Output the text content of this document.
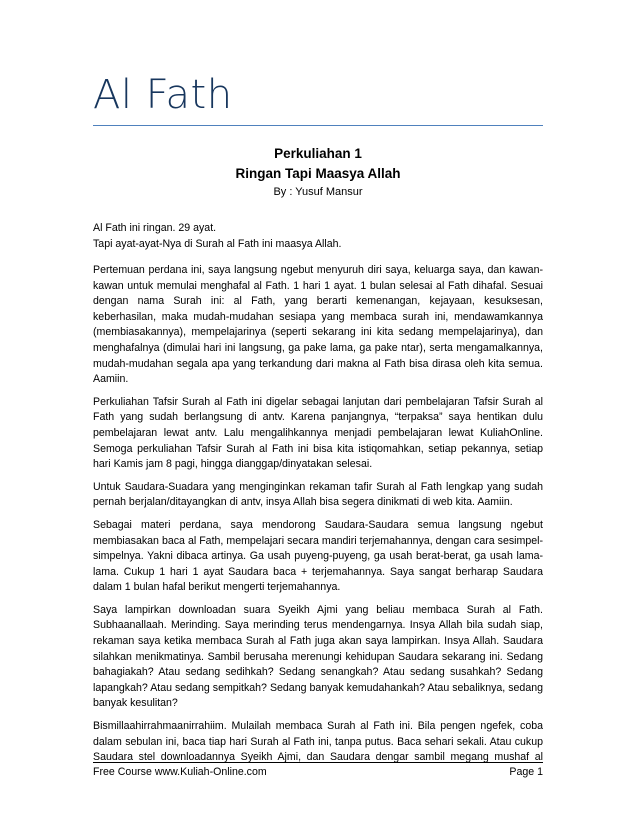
Al Fath
Perkuliahan 1
Ringan Tapi Maasya Allah
By : Yusuf Mansur
Al Fath ini ringan. 29 ayat.
Tapi ayat-ayat-Nya di Surah al Fath ini maasya Allah.

Pertemuan perdana ini, saya langsung ngebut menyuruh diri saya, keluarga saya, dan kawan-kawan untuk memulai menghafal al Fath. 1 hari 1 ayat. 1 bulan selesai al Fath dihafal. Sesuai dengan nama Surah ini: al Fath, yang berarti kemenangan, kejayaan, kesuksesan, keberhasilan, maka mudah-mudahan sesiapa yang membaca surah ini, mendawamkannya (membiasakannya), mempelajarinya (seperti sekarang ini kita sedang mempelajarinya), dan menghafalnya (dimulai hari ini langsung, ga pake lama, ga pake ntar), serta mengamalkannya, mudah-mudahan segala apa yang terkandung dari makna al Fath bisa dirasa oleh kita semua. Aamiin.

Perkuliahan Tafsir Surah al Fath ini digelar sebagai lanjutan dari pembelajaran Tafsir Surah al Fath yang sudah berlangsung di antv. Karena panjangnya, “terpaksa” saya hentikan dulu pembelajaran lewat antv. Lalu mengalihkannya menjadi pembelajaran lewat KuliahOnline. Semoga perkuliahan Tafsir Surah al Fath ini bisa kita istiqomahkan, setiap pekannya, setiap hari Kamis jam 8 pagi, hingga dianggap/dinyatakan selesai.

Untuk Saudara-Suadara yang menginginkan rekaman tafir Surah al Fath lengkap yang sudah pernah berjalan/ditayangkan di antv, insya Allah bisa segera dinikmati di web kita. Aamiin.

Sebagai materi perdana, saya mendorong Saudara-Saudara semua langsung ngebut membiasakan baca al Fath, mempelajari secara mandiri terjemahannya, dengan cara sesimpel-simpelnya. Yakni dibaca artinya. Ga usah puyeng-puyeng, ga usah berat-berat, ga usah lama-lama. Cukup 1 hari 1 ayat Saudara baca + terjemahannya. Saya sangat berharap Saudara dalam 1 bulan hafal berikut mengerti terjemahannya.

Saya lampirkan downloadan suara Syeikh Ajmi yang beliau membaca Surah al Fath. Subhaanallaah. Merinding. Saya merinding terus mendengarnya. Insya Allah bila sudah siap, rekaman saya ketika membaca Surah al Fath juga akan saya lampirkan. Insya Allah. Saudara silahkan menikmatinya. Sambil berusaha merenungi kehidupan Saudara sekarang ini. Sedang bahagiakah? Atau sedang sedihkah? Sedang senangkah? Atau sedang susahkah? Sedang lapangkah? Atau sedang sempitkah? Sedang banyak kemudahankah? Atau sebaliknya, sedang banyak kesulitan?

Bismillaahirrahmaanirrahiim. Mulailah membaca Surah al Fath ini. Bila pengen ngefek, coba dalam sebulan ini, baca tiap hari Surah al Fath ini, tanpa putus. Baca sehari sekali. Atau cukup Saudara stel downloadannya Syeikh Ajmi, dan Saudara dengar sambil megang mushaf al

Free Course www.Kuliah-Online.com	Page 1
